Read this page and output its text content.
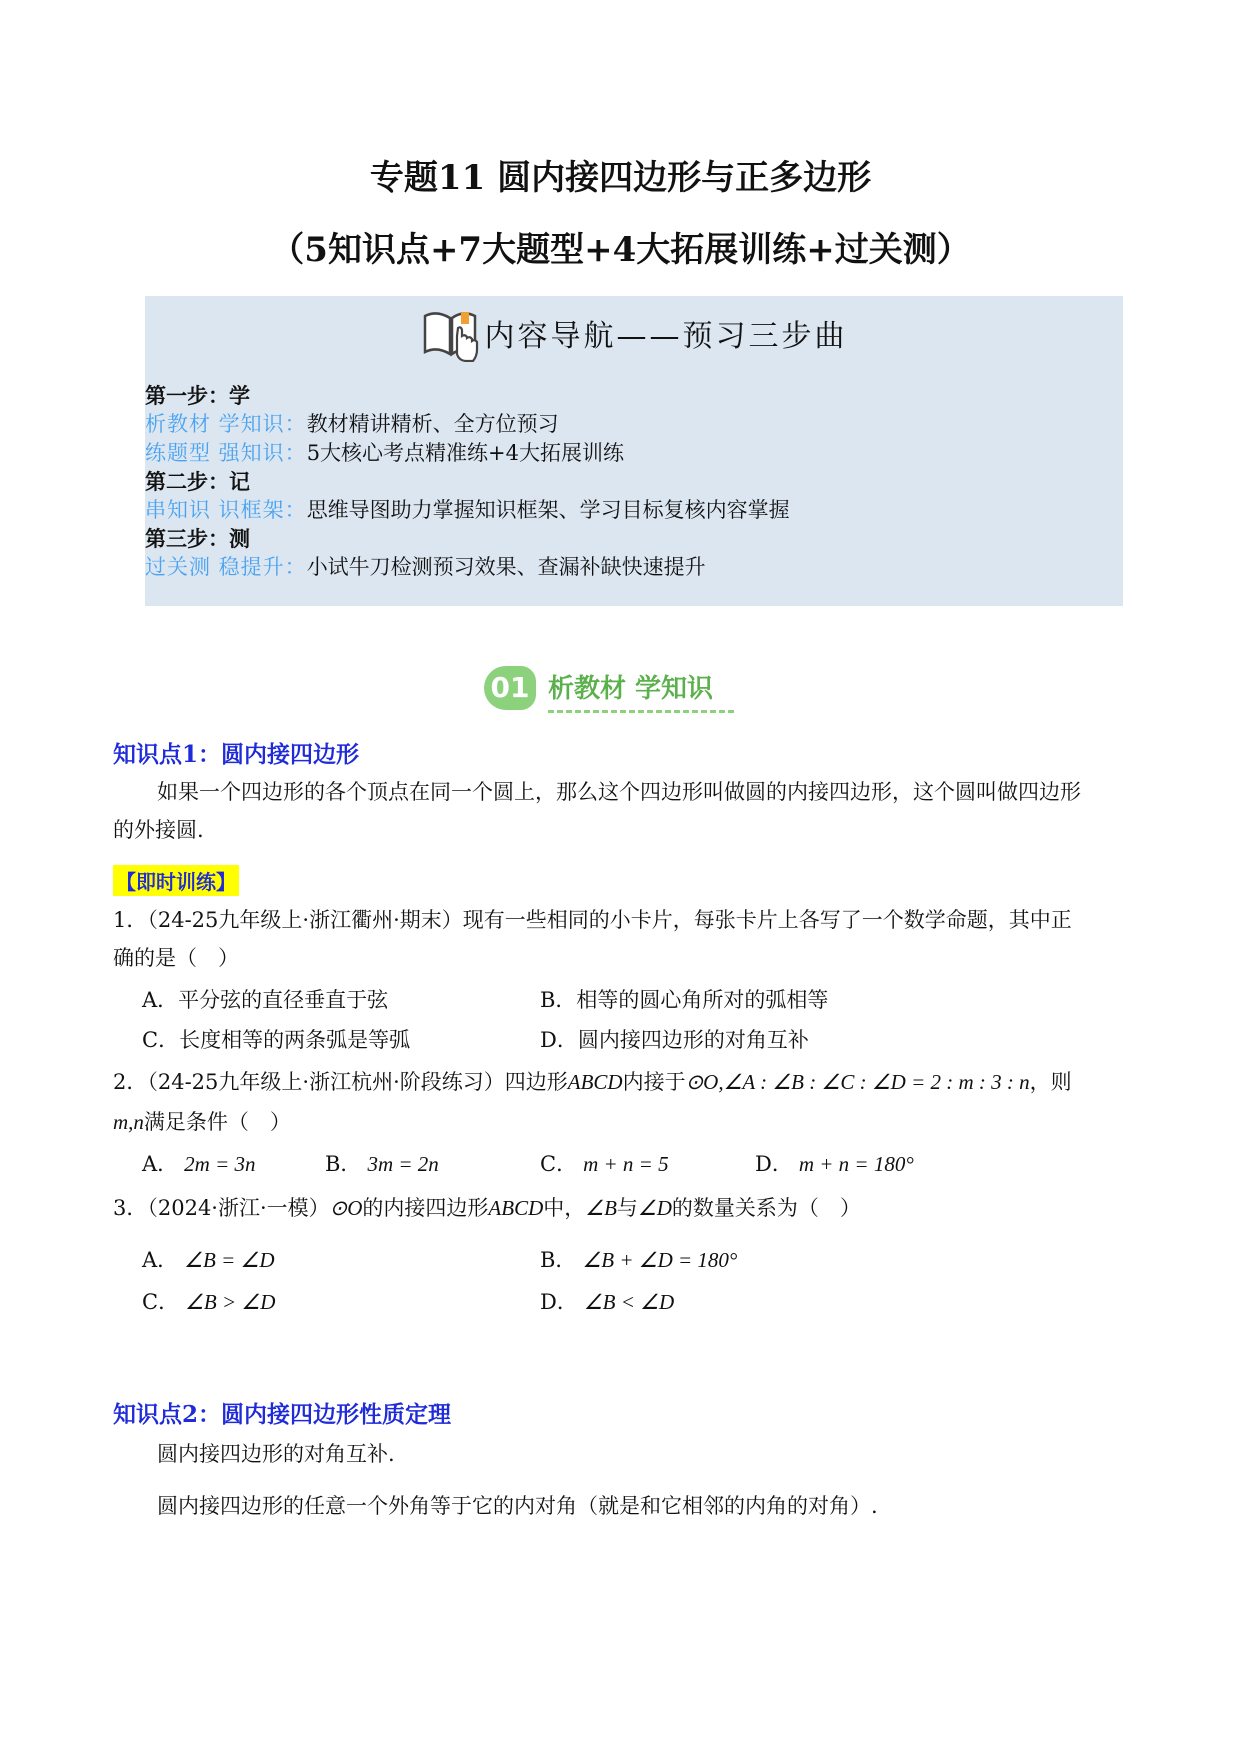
专题11 圆内接四边形与正多边形
（5知识点+7大题型+4大拓展训练+过关测）
内容导航——预习三步曲
第一步：学
析教材 学知识：教材精讲精析、全方位预习
练题型 强知识：5大核心考点精准练+4大拓展训练
第二步：记
串知识 识框架：思维导图助力掌握知识框架、学习目标复核内容掌握
第三步：测
过关测 稳提升：小试牛刀检测预习效果、查漏补缺快速提升
01 析教材 学知识
知识点1：圆内接四边形
如果一个四边形的各个顶点在同一个圆上，那么这个四边形叫做圆的内接四边形，这个圆叫做四边形
的外接圆.
【即时训练】
1．（24-25九年级上·浙江衢州·期末）现有一些相同的小卡片，每张卡片上各写了一个数学命题，其中正
确的是（　）
A．平分弦的直径垂直于弦	B．相等的圆心角所对的弧相等
C．长度相等的两条弧是等弧	D．圆内接四边形的对角互补
2．（24-25九年级上·浙江杭州·阶段练习）四边形ABCD内接于⊙O,∠A : ∠B : ∠C : ∠D = 2 : m : 3 : n，则
m,n满足条件（　）
A． 2m = 3n	B． 3m = 2n	C． m + n = 5	D． m + n = 180°
3．（2024·浙江·一模）⊙O的内接四边形ABCD中，∠B与∠D的数量关系为（　）
A． ∠B = ∠D	B． ∠B + ∠D = 180°
C． ∠B > ∠D	D． ∠B < ∠D
知识点2：圆内接四边形性质定理
圆内接四边形的对角互补.
圆内接四边形的任意一个外角等于它的内对角（就是和它相邻的内角的对角）.
